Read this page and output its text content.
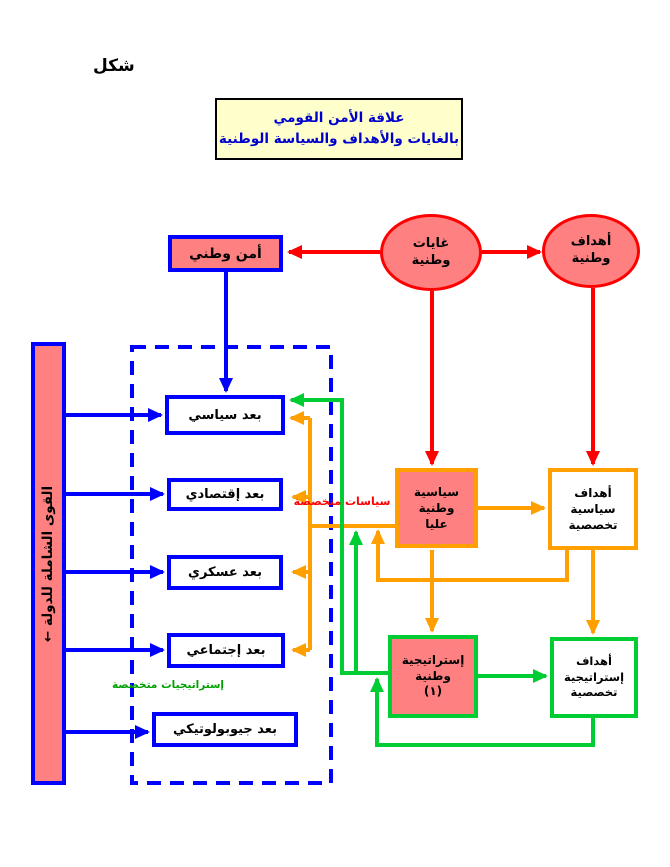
شكل
علاقة الأمن القومي
بالغايات والأهداف والسياسة الوطنية
غايات
وطنية
أهداف
وطنية
أمن وطني
القوى الشاملة للدولة ←
بعد سياسي
بعد إقتصادي
بعد عسكري
بعد إجتماعي
بعد جيوبولوتيكي
سياسية
وطنية
عليا
أهداف
سياسية
تخصصية
إستراتيجية
وطنية
(١)
أهداف
إستراتيجية
تخصصية
سياسات متخصصة
إستراتيجيات متخصصة
